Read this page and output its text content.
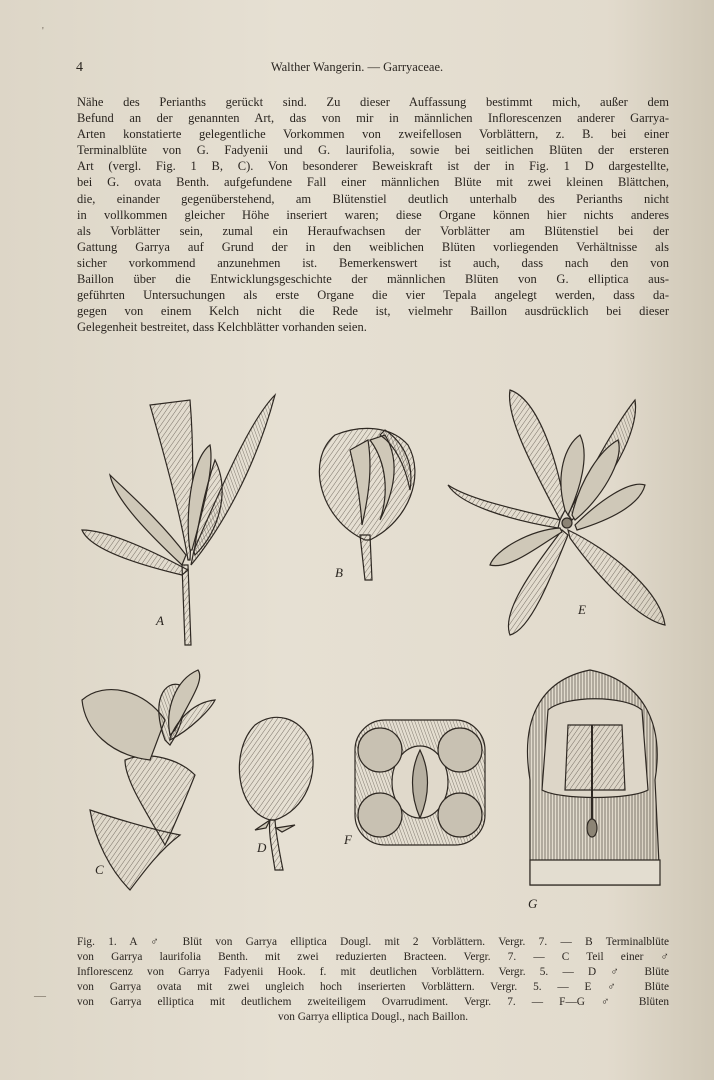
'
4	Walther Wangerin. — Garryaceae.
Nähe des Perianths gerückt sind. Zu dieser Auffassung bestimmt mich, außer dem
Befund an der genannten Art, das von mir in männlichen Inflorescenzen anderer Garrya-
Arten konstatierte gelegentliche Vorkommen von zweifellosen Vorblättern, z. B. bei einer
Terminalblüte von G. Fadyenii und G. laurifolia, sowie bei seitlichen Blüten der ersteren
Art (vergl. Fig. 1 B, C). Von besonderer Beweiskraft ist der in Fig. 1 D dargestellte,
bei G. ovata Benth. aufgefundene Fall einer männlichen Blüte mit zwei kleinen Blättchen,
die, einander gegenüberstehend, am Blütenstiel deutlich unterhalb des Perianths nicht
in vollkommen gleicher Höhe inseriert waren; diese Organe können hier nichts anderes
als Vorblätter sein, zumal ein Heraufwachsen der Vorblätter am Blütenstiel bei der
Gattung Garrya auf Grund der in den weiblichen Blüten vorliegenden Verhältnisse als
sicher vorkommend anzunehmen ist. Bemerkenswert ist auch, dass nach den von
Baillon über die Entwicklungsgeschichte der männlichen Blüten von G. elliptica aus-
geführten Untersuchungen als erste Organe die vier Tepala angelegt werden, dass da-
gegen von einem Kelch nicht die Rede ist, vielmehr Baillon ausdrücklich bei dieser
Gelegenheit bestreitet, dass Kelchblätter vorhanden seien.
A
B
C
D
E
F
G
—
Fig. 1. A ♂ Blüt von Garrya elliptica Dougl. mit 2 Vorblättern. Vergr. 7. — B Terminalblüte
von Garrya laurifolia Benth. mit zwei reduzierten Bracteen. Vergr. 7. — C Teil einer ♂
Inflorescenz von Garrya Fadyenii Hook. f. mit deutlichen Vorblättern. Vergr. 5. — D ♂ Blüte
von Garrya ovata mit zwei ungleich hoch inserierten Vorblättern. Vergr. 5. — E ♂ Blüte
von Garrya elliptica mit deutlichem zweiteiligem Ovarrudiment. Vergr. 7. — F—G ♂ Blüten
von Garrya elliptica Dougl., nach Baillon.
